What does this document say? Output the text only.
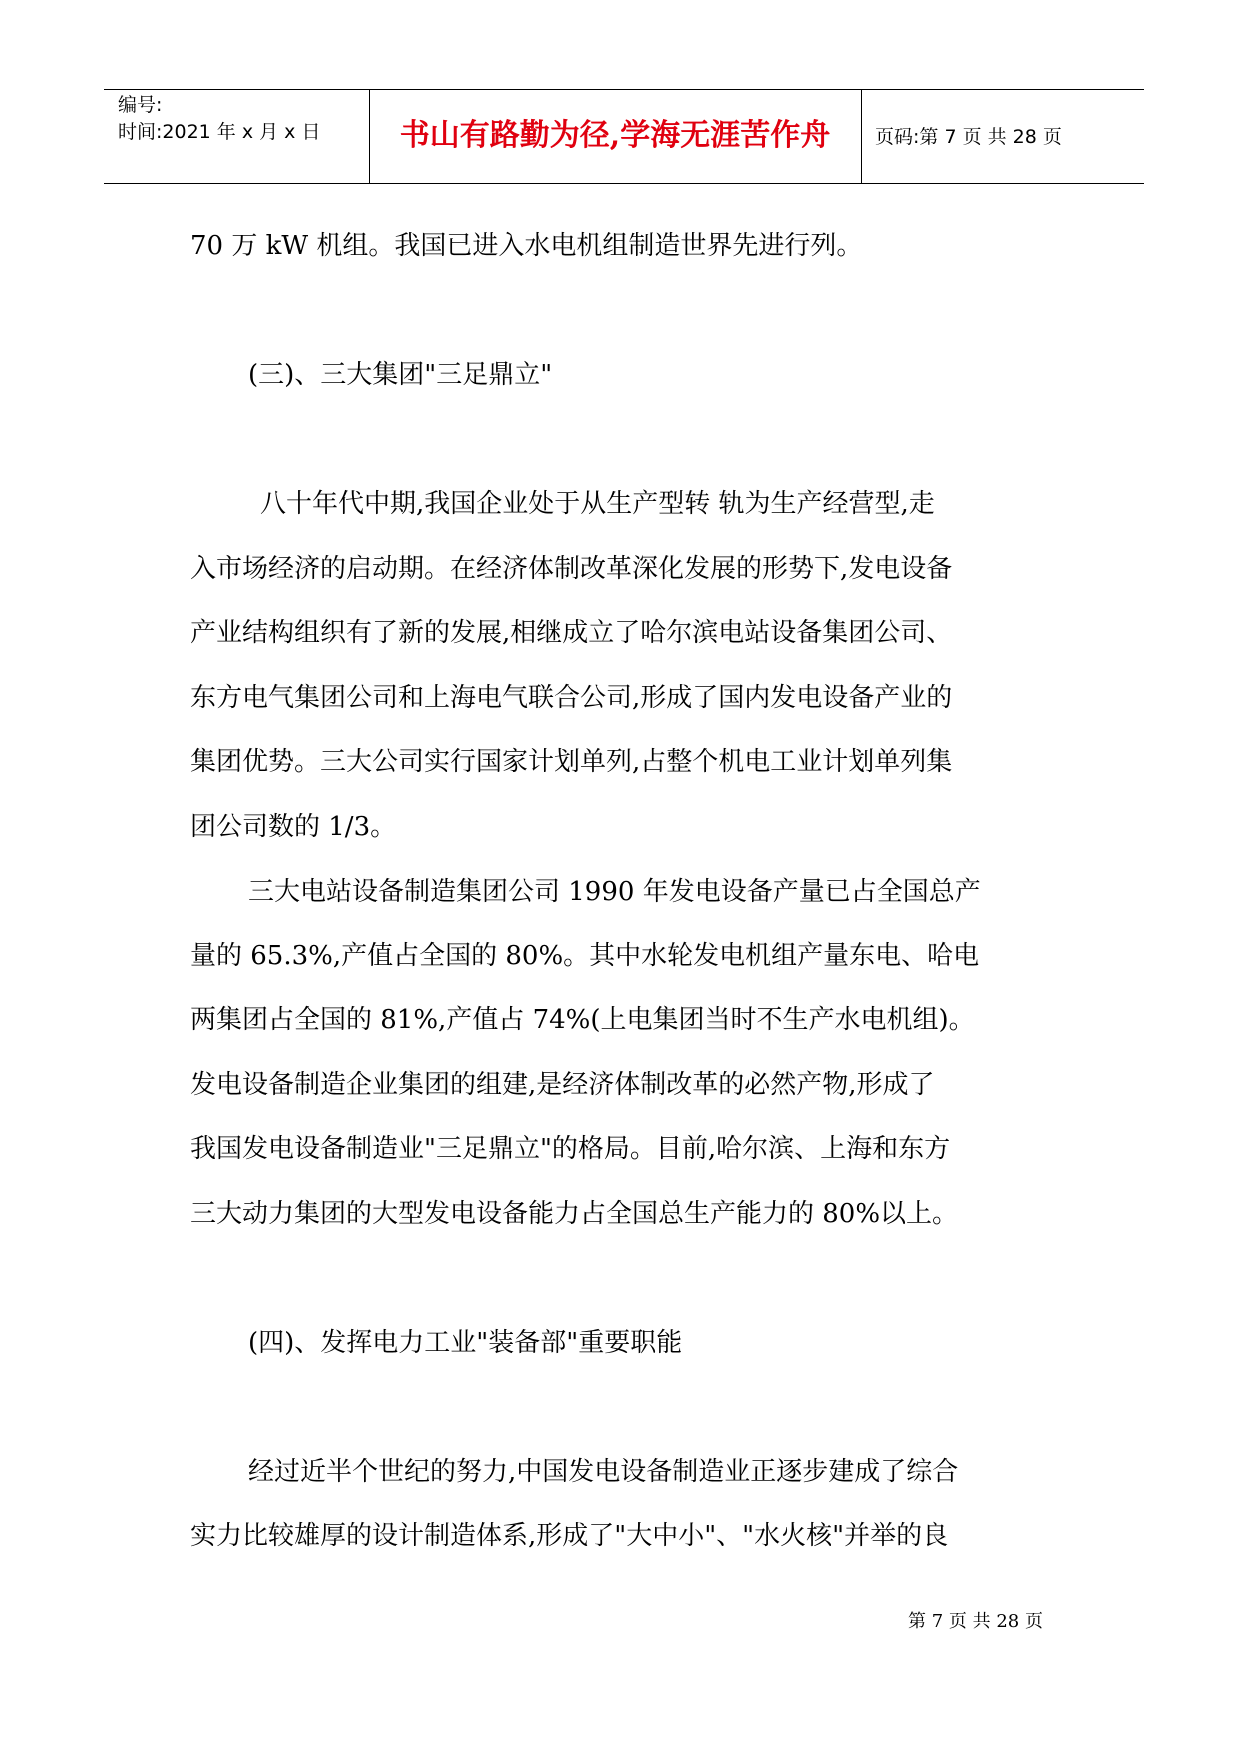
编号:
时间:2021 年 x 月 x 日	书山有路勤为径,学海无涯苦作舟	页码:第 7 页 共 28 页
70 万 kW 机组。我国已进入水电机组制造世界先进行列。
(三)、三大集团"三足鼎立"
八十年代中期,我国企业处于从生产型转 轨为生产经营型,走
入市场经济的启动期。在经济体制改革深化发展的形势下,发电设备
产业结构组织有了新的发展,相继成立了哈尔滨电站设备集团公司、
东方电气集团公司和上海电气联合公司,形成了国内发电设备产业的
集团优势。三大公司实行国家计划单列,占整个机电工业计划单列集
团公司数的 1/3。
三大电站设备制造集团公司 1990 年发电设备产量已占全国总产
量的 65.3%,产值占全国的 80%。其中水轮发电机组产量东电、哈电
两集团占全国的 81%,产值占 74%(上电集团当时不生产水电机组)。
发电设备制造企业集团的组建,是经济体制改革的必然产物,形成了
我国发电设备制造业"三足鼎立"的格局。目前,哈尔滨、上海和东方
三大动力集团的大型发电设备能力占全国总生产能力的 80%以上。
(四)、发挥电力工业"装备部"重要职能
经过近半个世纪的努力,中国发电设备制造业正逐步建成了综合
实力比较雄厚的设计制造体系,形成了"大中小"、"水火核"并举的良
第 7 页 共 28 页
